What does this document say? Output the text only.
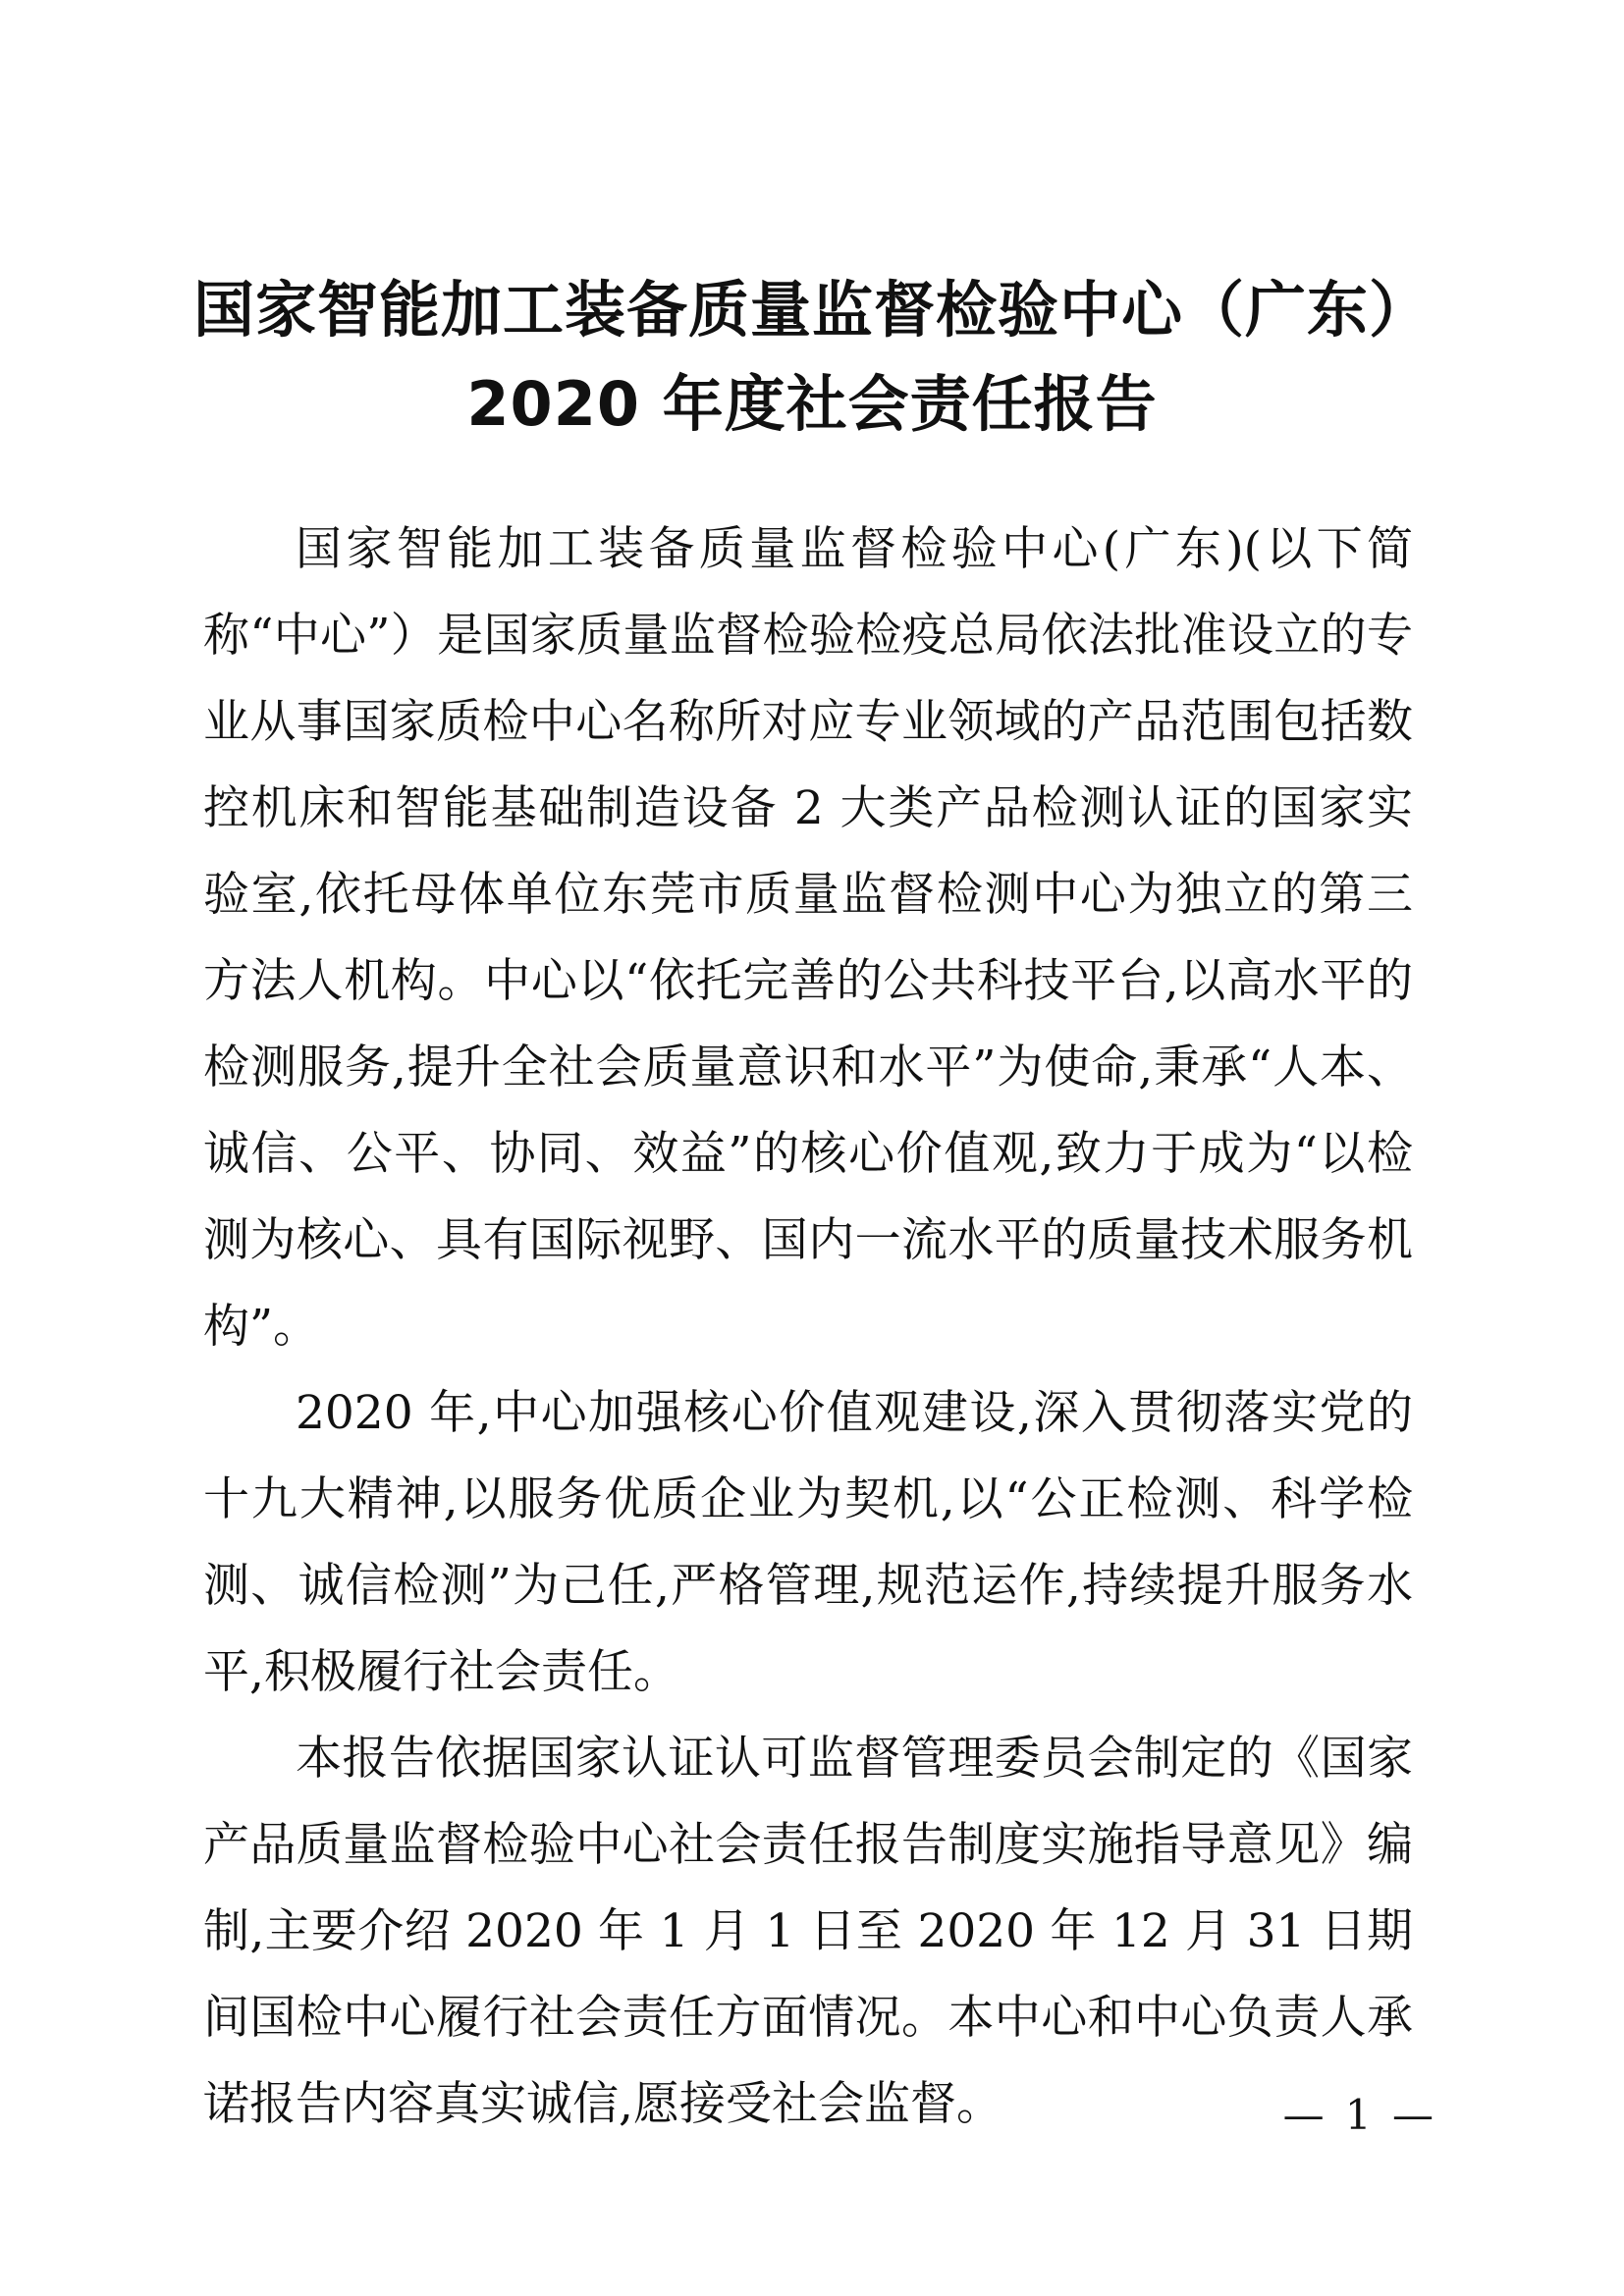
国家智能加工装备质量监督检验中心（广东）
2020 年度社会责任报告

国家智能加工装备质量监督检验中心(广东)(以下简称“中心”）是国家质量监督检验检疫总局依法批准设立的专业从事国家质检中心名称所对应专业领域的产品范围包括数控机床和智能基础制造设备 2 大类产品检测认证的国家实验室,依托母体单位东莞市质量监督检测中心为独立的第三方法人机构。中心以“依托完善的公共科技平台,以高水平的检测服务,提升全社会质量意识和水平”为使命,秉承“人本、诚信、公平、协同、效益”的核心价值观,致力于成为“以检测为核心、具有国际视野、国内一流水平的质量技术服务机构”。

2020 年,中心加强核心价值观建设,深入贯彻落实党的十九大精神,以服务优质企业为契机,以“公正检测、科学检测、诚信检测”为己任,严格管理,规范运作,持续提升服务水平,积极履行社会责任。

本报告依据国家认证认可监督管理委员会制定的《国家产品质量监督检验中心社会责任报告制度实施指导意见》编制,主要介绍 2020 年 1 月 1 日至 2020 年 12 月 31 日期间国检中心履行社会责任方面情况。本中心和中心负责人承诺报告内容真实诚信,愿接受社会监督。	— 1 —
